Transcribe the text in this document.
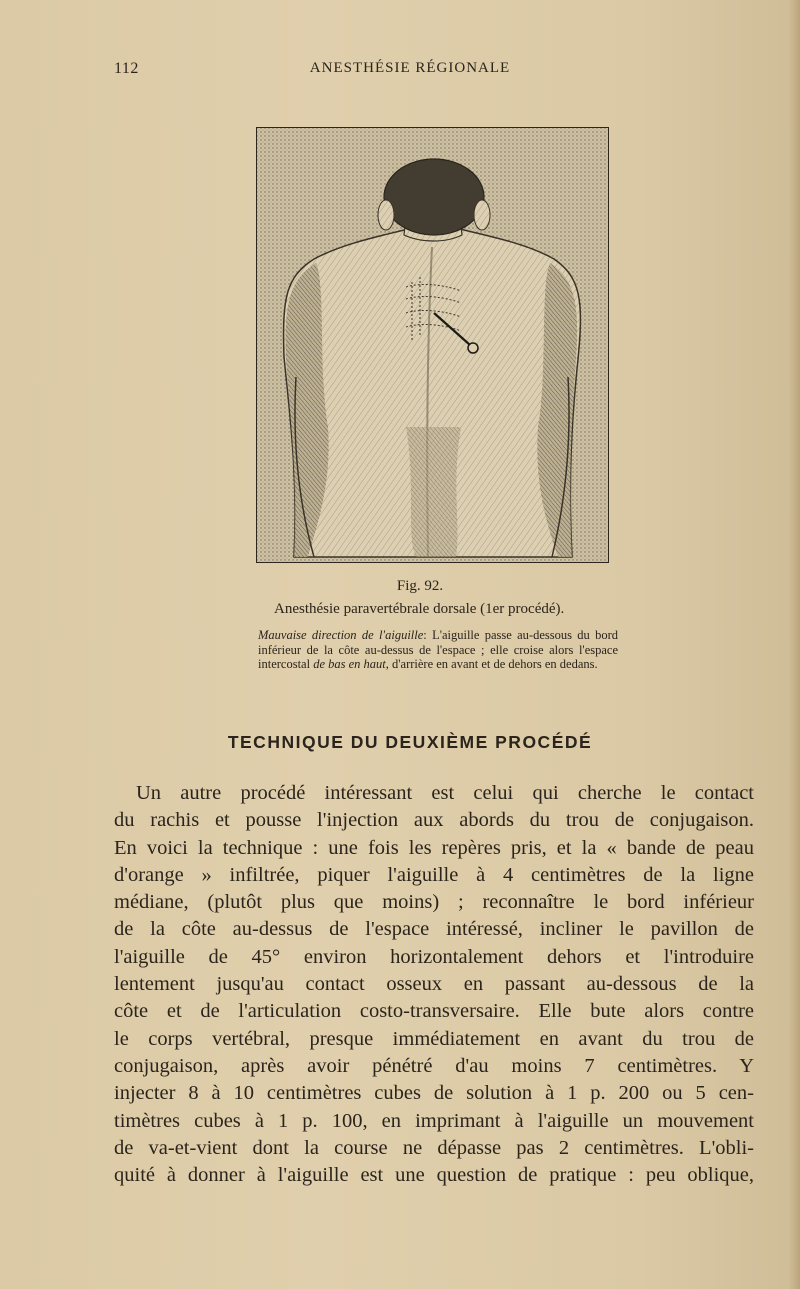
112	ANESTHÉSIE RÉGIONALE
Fig. 92.
Anesthésie paravertébrale dorsale (1er procédé).
Mauvaise direction de l'aiguille: L'aiguille passe au-dessous du bord inférieur de la côte au-dessus de l'espace ; elle croise alors l'espace intercostal de bas en haut, d'arrière en avant et de dehors en dedans.
TECHNIQUE DU DEUXIÈME PROCÉDÉ
Un autre procédé intéressant est celui qui cherche le contact
du rachis et pousse l'injection aux abords du trou de conjugaison.
En voici la technique : une fois les repères pris, et la « bande de peau
d'orange » infiltrée, piquer l'aiguille à 4 centimètres de la ligne
médiane, (plutôt plus que moins) ; reconnaître le bord inférieur
de la côte au-dessus de l'espace intéressé, incliner le pavillon de
l'aiguille de 45° environ horizontalement dehors et l'introduire
lentement jusqu'au contact osseux en passant au-dessous de la
côte et de l'articulation costo-transversaire. Elle bute alors contre
le corps vertébral, presque immédiatement en avant du trou de
conjugaison, après avoir pénétré d'au moins 7 centimètres. Y
injecter 8 à 10 centimètres cubes de solution à 1 p. 200 ou 5 cen-
timètres cubes à 1 p. 100, en imprimant à l'aiguille un mouvement
de va-et-vient dont la course ne dépasse pas 2 centimètres. L'obli-
quité à donner à l'aiguille est une question de pratique : peu oblique,
